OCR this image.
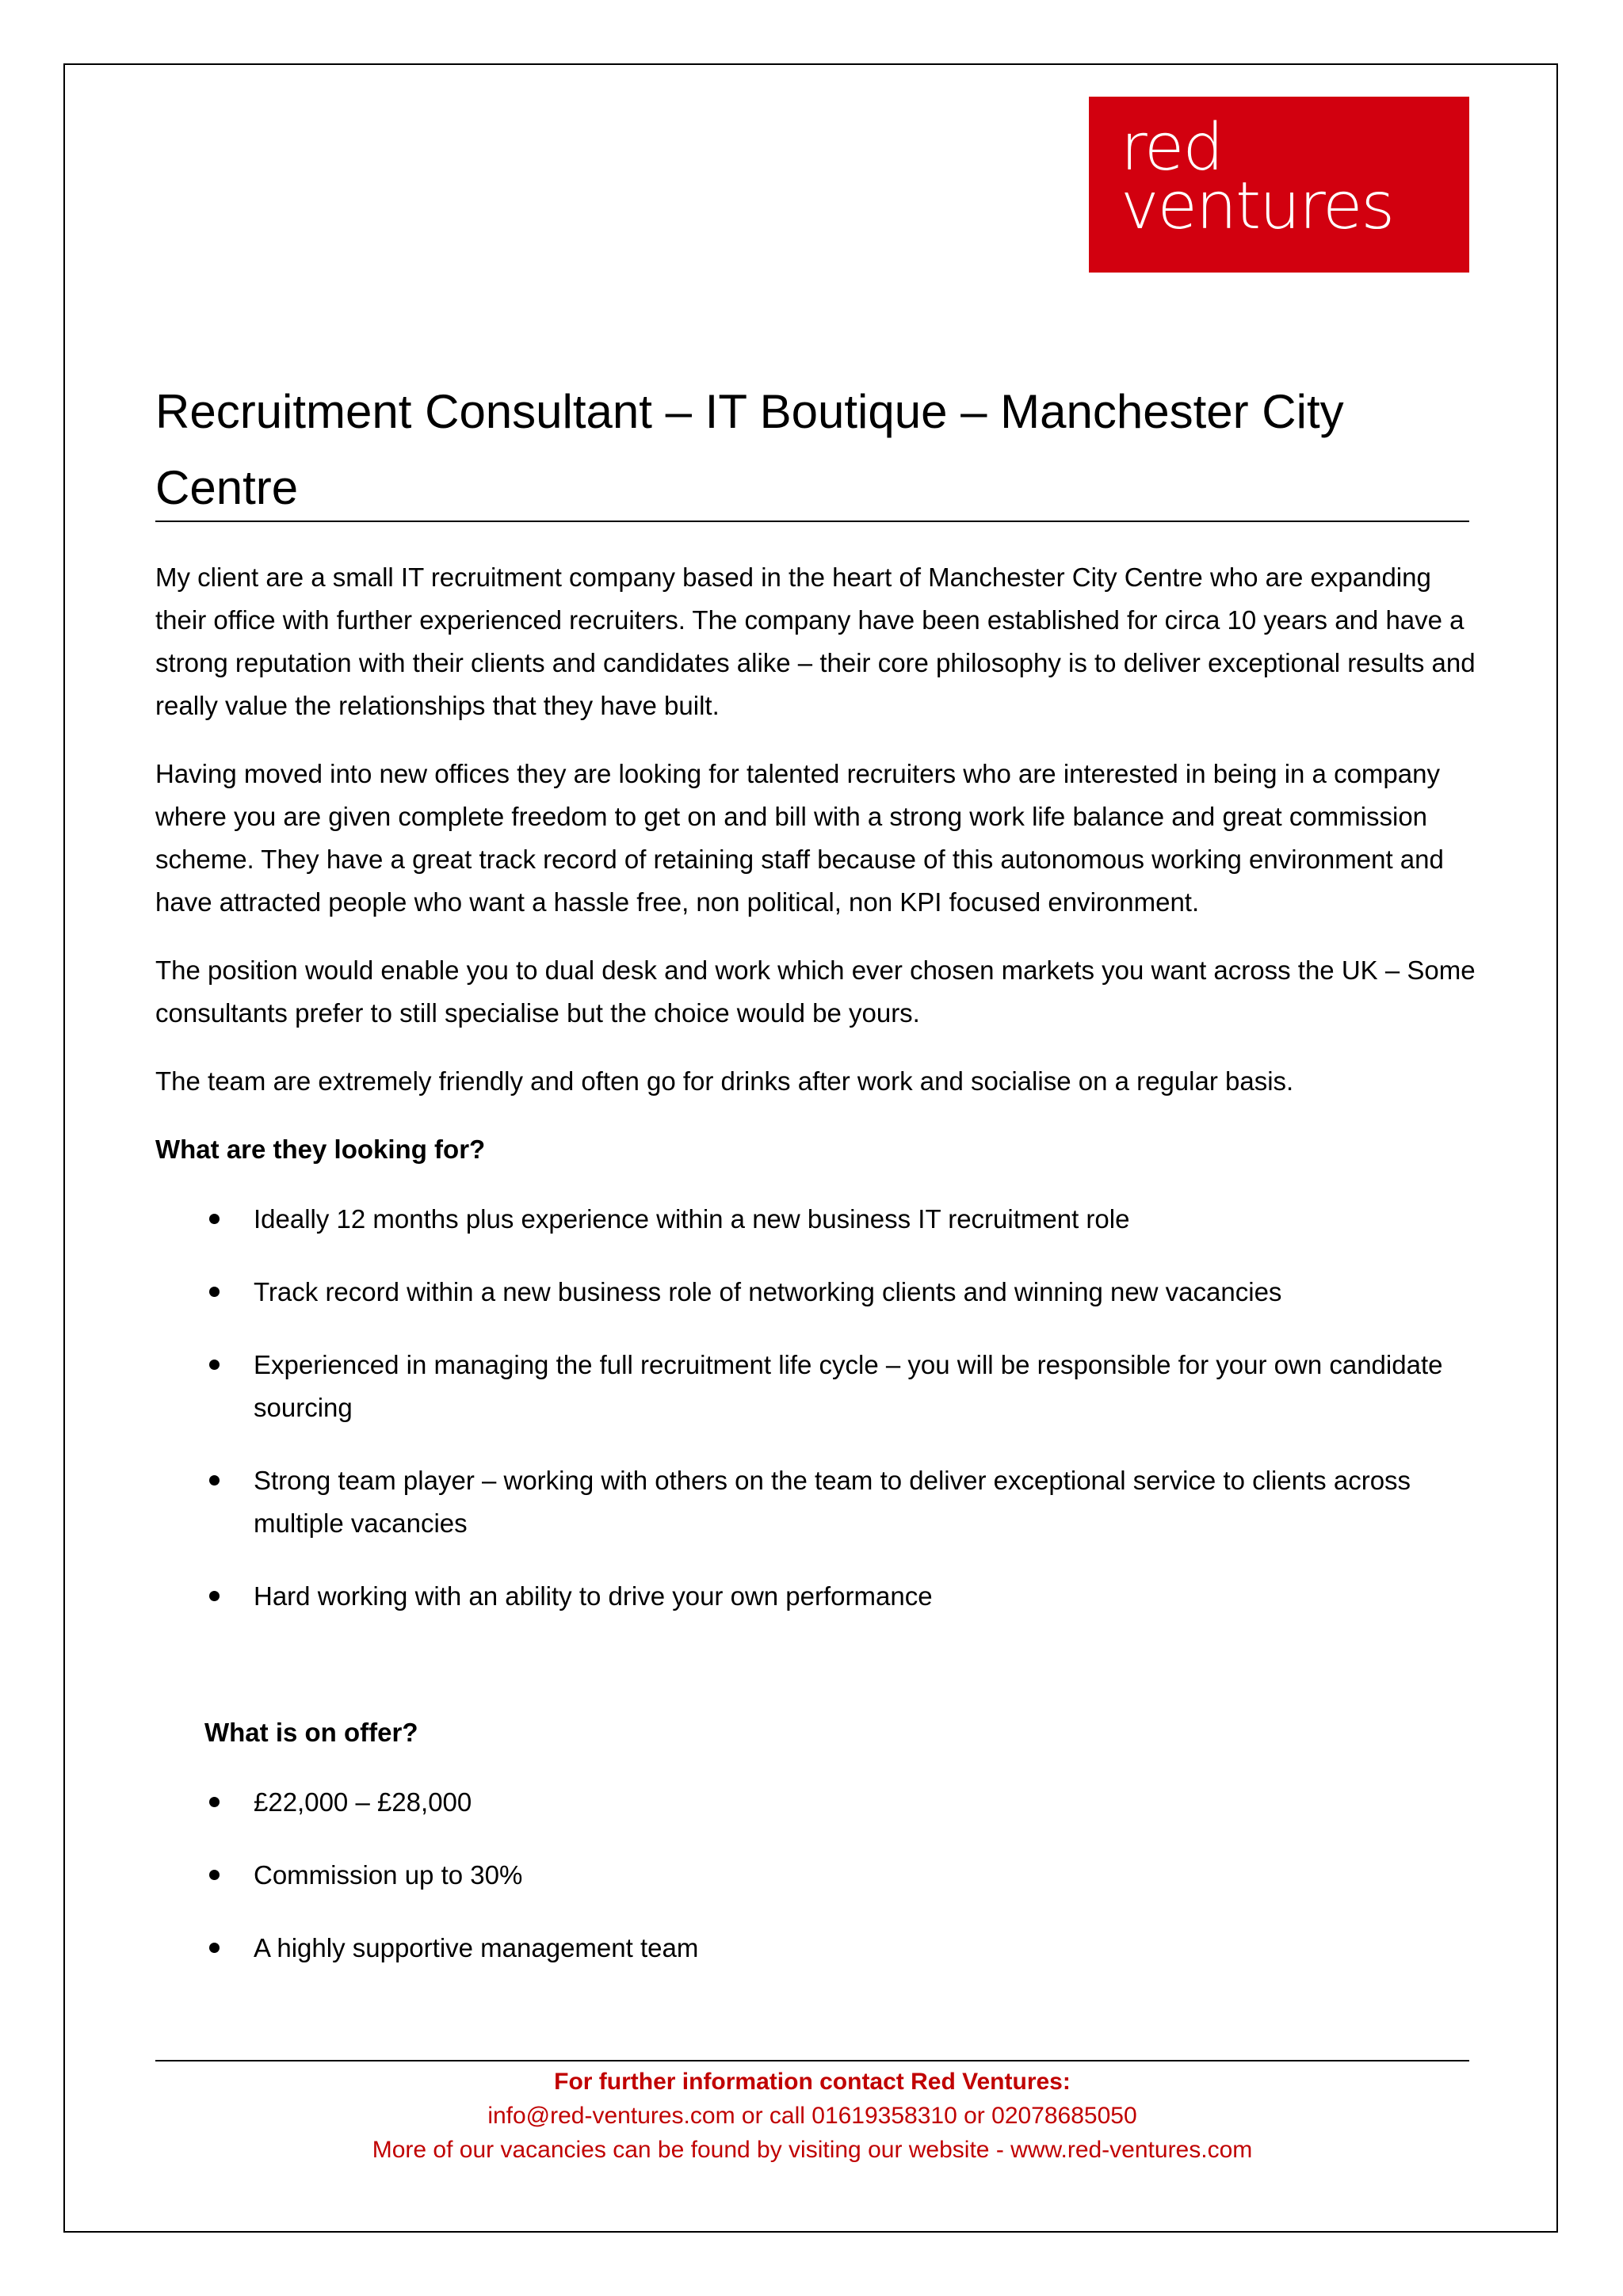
red
ventures
Recruitment Consultant – IT Boutique – Manchester City Centre

My client are a small IT recruitment company based in the heart of Manchester City Centre who are expanding their office with further experienced recruiters. The company have been established for circa 10 years and have a strong reputation with their clients and candidates alike – their core philosophy is to deliver exceptional results and really value the relationships that they have built.

Having moved into new offices they are looking for talented recruiters who are interested in being in a company where you are given complete freedom to get on and bill with a strong work life balance and great commission scheme. They have a great track record of retaining staff because of this autonomous working environment and have attracted people who want a hassle free, non political, non KPI focused environment.

The position would enable you to dual desk and work which ever chosen markets you want across the UK – Some consultants prefer to still specialise but the choice would be yours.

The team are extremely friendly and often go for drinks after work and socialise on a regular basis.

What are they looking for?
Ideally 12 months plus experience within a new business IT recruitment role
Track record within a new business role of networking clients and winning new vacancies
Experienced in managing the full recruitment life cycle – you will be responsible for your own candidate sourcing
Strong team player – working with others on the team to deliver exceptional service to clients across multiple vacancies
Hard working with an ability to drive your own performance
What is on offer?
£22,000 – £28,000
Commission up to 30%
A highly supportive management team
For further information contact Red Ventures:
info@red-ventures.com or call 01619358310 or 02078685050
More of our vacancies can be found by visiting our website - www.red-ventures.com
